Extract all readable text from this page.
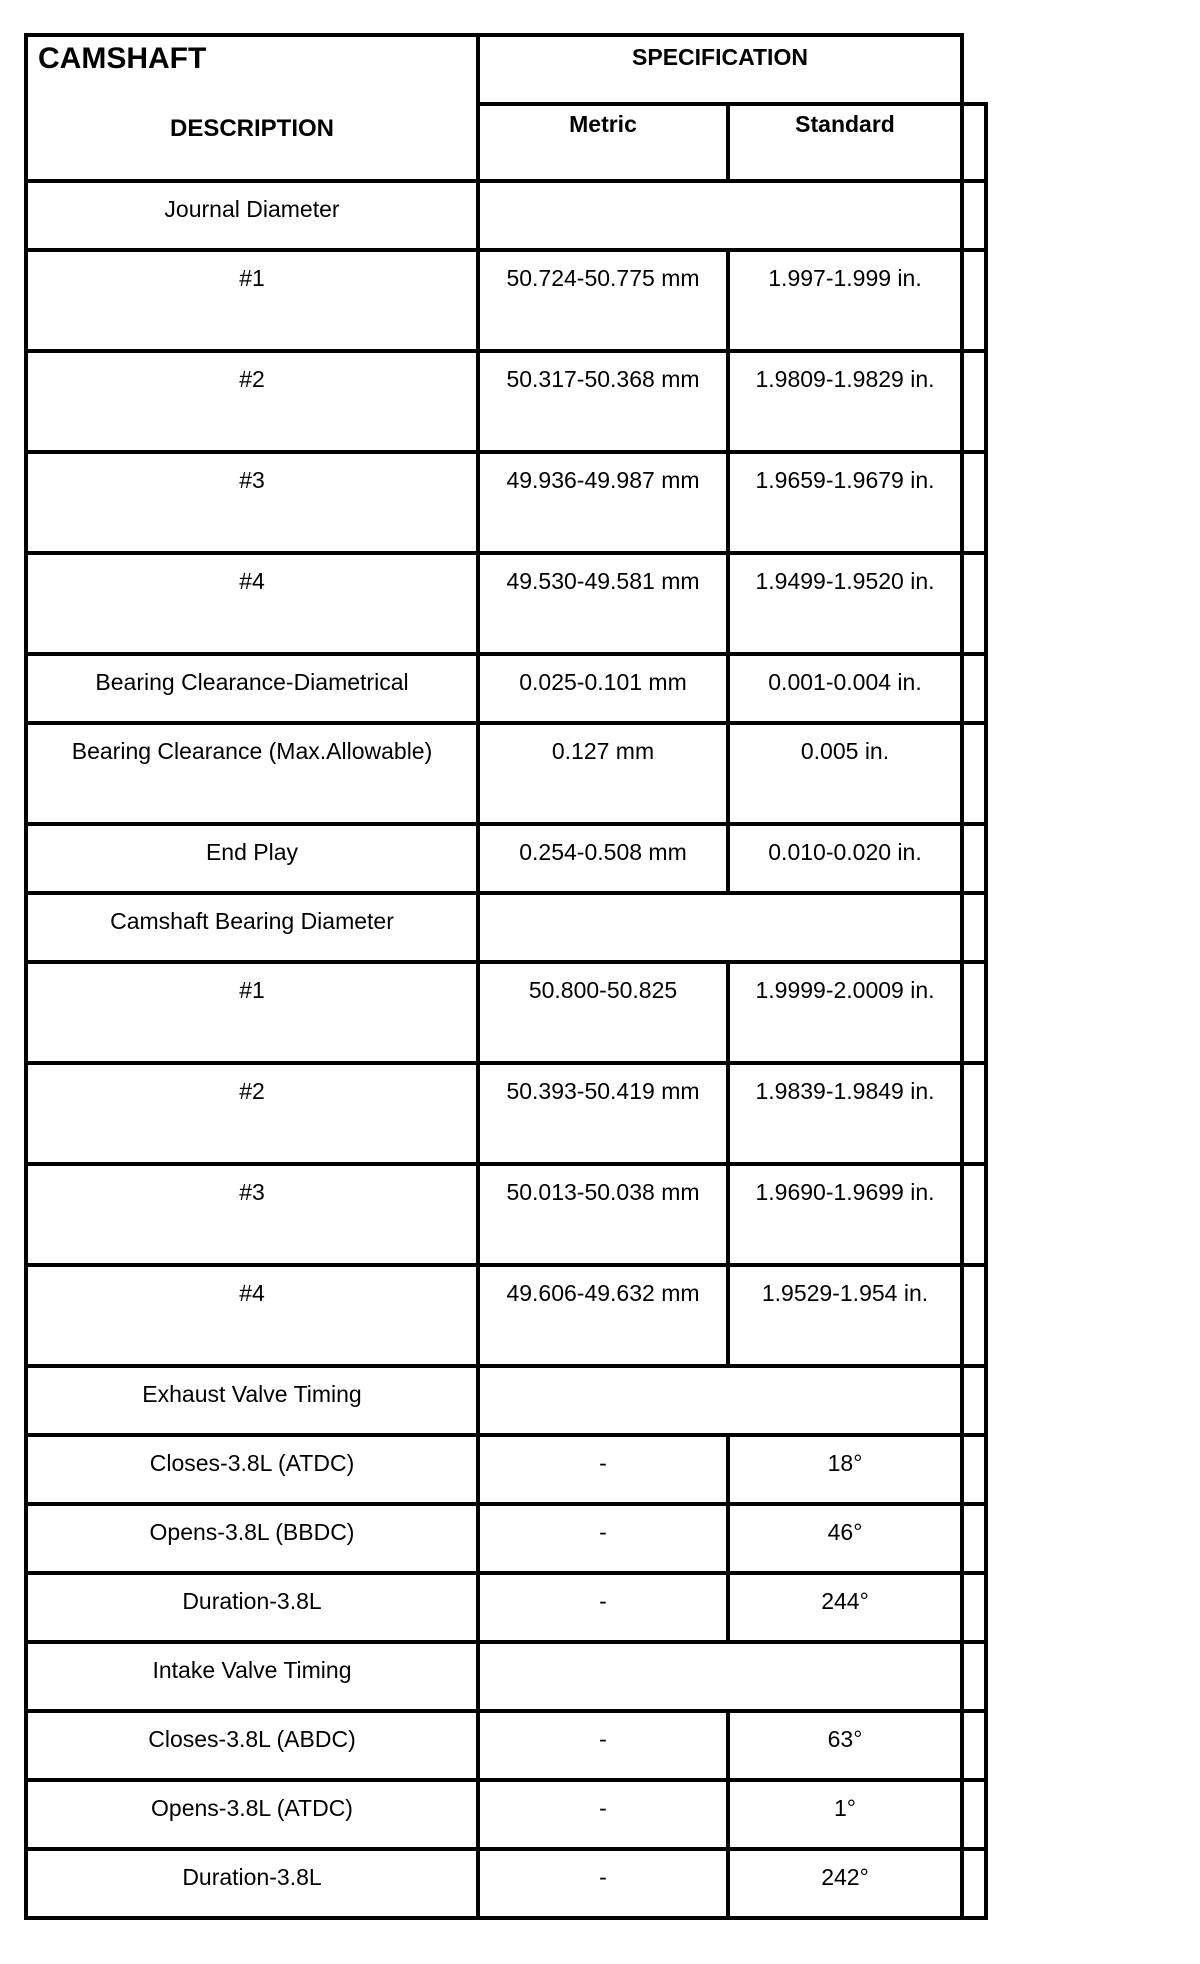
CAMSHAFT
DESCRIPTION	SPECIFICATION		
	Metric	Standard	
Journal Diameter			
#1	50.724-50.775 mm	1.997-1.999 in.	
#2	50.317-50.368 mm	1.9809-1.9829 in.	
#3	49.936-49.987 mm	1.9659-1.9679 in.	
#4	49.530-49.581 mm	1.9499-1.9520 in.	
Bearing Clearance-Diametrical	0.025-0.101 mm	0.001-0.004 in.	
Bearing Clearance (Max.Allowable)	0.127 mm	0.005 in.	
End Play	0.254-0.508 mm	0.010-0.020 in.	
Camshaft Bearing Diameter			
#1	50.800-50.825	1.9999-2.0009 in.	
#2	50.393-50.419 mm	1.9839-1.9849 in.	
#3	50.013-50.038 mm	1.9690-1.9699 in.	
#4	49.606-49.632 mm	1.9529-1.954 in.	
Exhaust Valve Timing			
Closes-3.8L (ATDC)	-	18°	
Opens-3.8L (BBDC)	-	46°	
Duration-3.8L	-	244°	
Intake Valve Timing			
Closes-3.8L (ABDC)	-	63°	
Opens-3.8L (ATDC)	-	1°	
Duration-3.8L	-	242°	
